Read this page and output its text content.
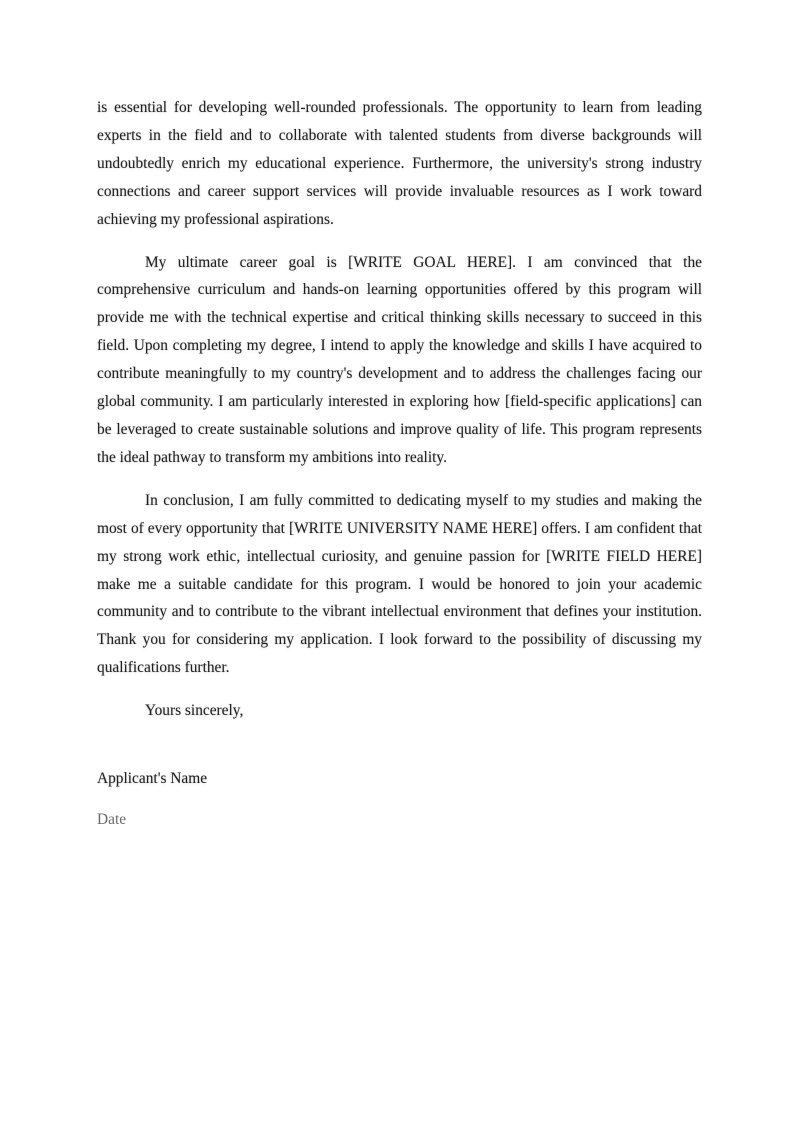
is essential for developing well-rounded professionals. The opportunity to learn from leading experts in the field and to collaborate with talented students from diverse backgrounds will undoubtedly enrich my educational experience. Furthermore, the university's strong industry connections and career support services will provide invaluable resources as I work toward achieving my professional aspirations.

My ultimate career goal is [WRITE GOAL HERE]. I am convinced that the comprehensive curriculum and hands-on learning opportunities offered by this program will provide me with the technical expertise and critical thinking skills necessary to succeed in this field. Upon completing my degree, I intend to apply the knowledge and skills I have acquired to contribute meaningfully to my country's development and to address the challenges facing our global community. I am particularly interested in exploring how [field-specific applications] can be leveraged to create sustainable solutions and improve quality of life. This program represents the ideal pathway to transform my ambitions into reality.

In conclusion, I am fully committed to dedicating myself to my studies and making the most of every opportunity that [WRITE UNIVERSITY NAME HERE] offers. I am confident that my strong work ethic, intellectual curiosity, and genuine passion for [WRITE FIELD HERE] make me a suitable candidate for this program. I would be honored to join your academic community and to contribute to the vibrant intellectual environment that defines your institution. Thank you for considering my application. I look forward to the possibility of discussing my qualifications further.

Yours sincerely,

Applicant's Name

Date
